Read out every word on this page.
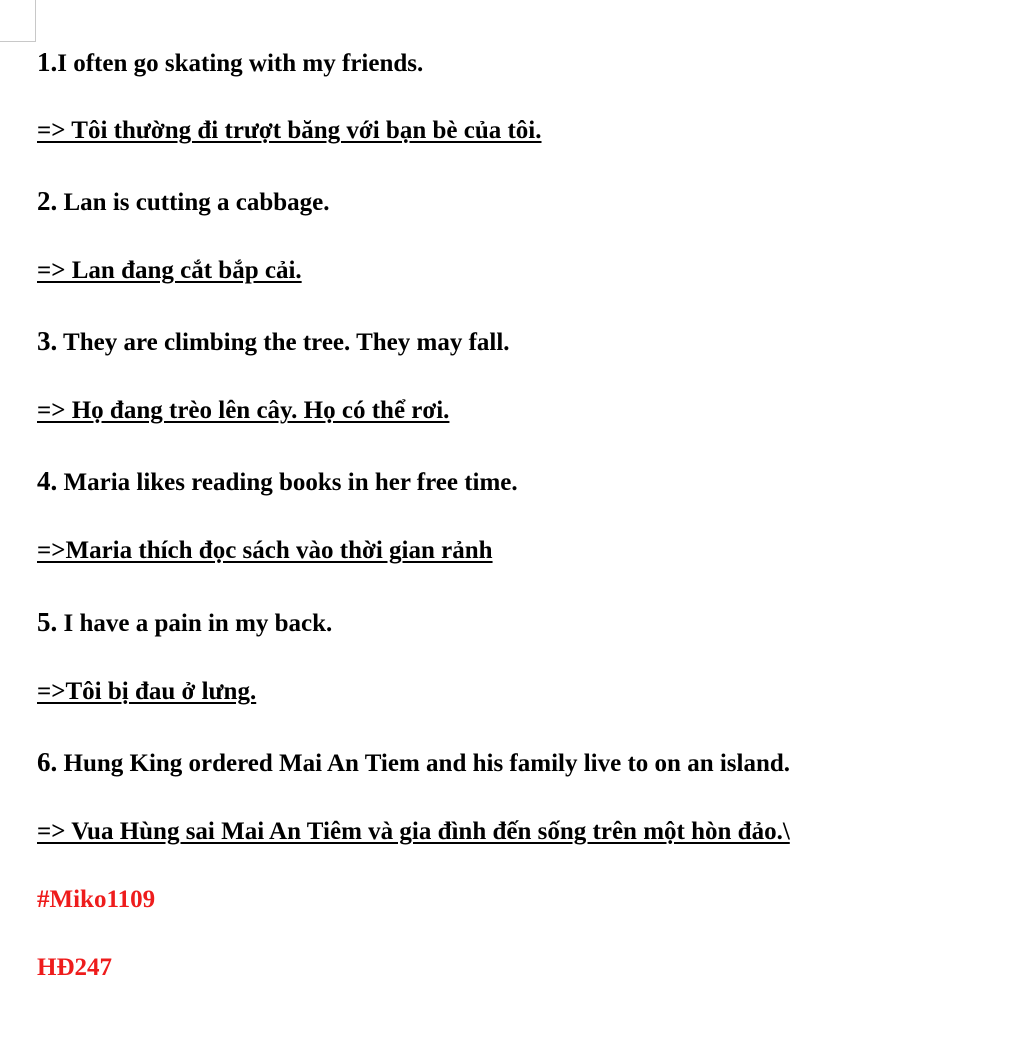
1.I often go skating with my friends.
=> Tôi thường đi trượt băng với bạn bè của tôi.
2. Lan is cutting a cabbage.
=> Lan đang cắt bắp cải.
3. They are climbing the tree. They may fall.
=> Họ đang trèo lên cây. Họ có thể rơi.
4. Maria likes reading books in her free time.
=>Maria thích đọc sách vào thời gian rảnh
5. I have a pain in my back.
=>Tôi bị đau ở lưng.
6. Hung King ordered Mai An Tiem and his family live to on an island.
=> Vua Hùng sai Mai An Tiêm và gia đình đến sống trên một hòn đảo.\
#Miko1109
HĐ247
